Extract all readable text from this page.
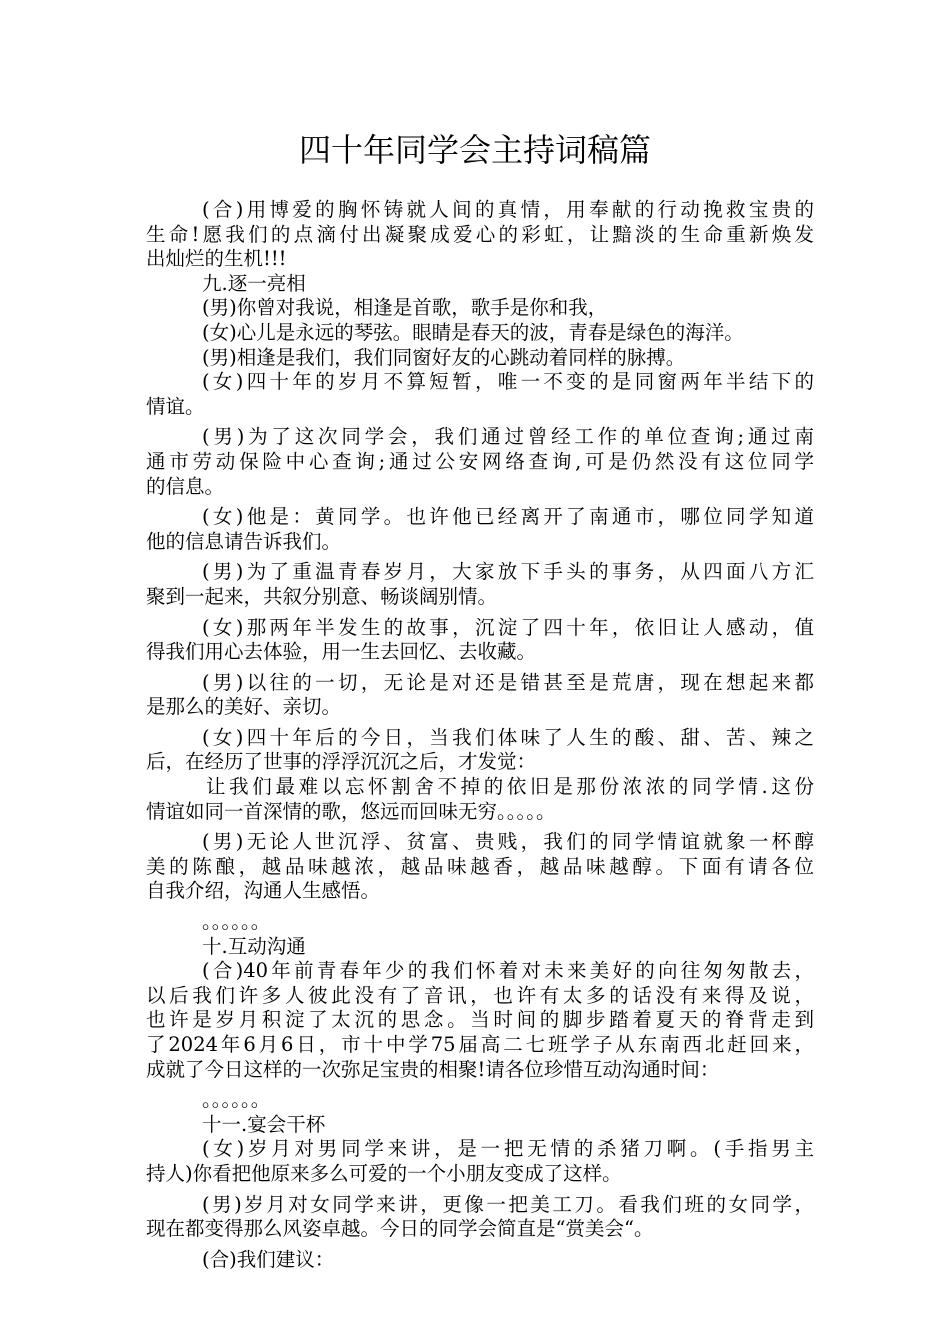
四十年同学会主持词稿篇
(合)用博爱的胸怀铸就人间的真情，用奉献的行动挽救宝贵的
生命!愿我们的点滴付出凝聚成爱心的彩虹，让黯淡的生命重新焕发
出灿烂的生机!!!
九.逐一亮相
(男)你曾对我说，相逢是首歌，歌手是你和我，
(女)心儿是永远的琴弦。眼睛是春天的波，青春是绿色的海洋。
(男)相逢是我们，我们同窗好友的心跳动着同样的脉搏。
(女)四十年的岁月不算短暂，唯一不变的是同窗两年半结下的
情谊。
(男)为了这次同学会，我们通过曾经工作的单位查询;通过南
通市劳动保险中心查询;通过公安网络查询,可是仍然没有这位同学
的信息。
(女)他是：黄同学。也许他已经离开了南通市，哪位同学知道
他的信息请告诉我们。
(男)为了重温青春岁月，大家放下手头的事务，从四面八方汇
聚到一起来，共叙分别意、畅谈阔别情。
(女)那两年半发生的故事，沉淀了四十年，依旧让人感动，值
得我们用心去体验，用一生去回忆、去收藏。
(男)以往的一切，无论是对还是错甚至是荒唐，现在想起来都
是那么的美好、亲切。
(女)四十年后的今日，当我们体味了人生的酸、甜、苦、辣之
后，在经历了世事的浮浮沉沉之后，才发觉：
让我们最难以忘怀割舍不掉的依旧是那份浓浓的同学情.这份
情谊如同一首深情的歌，悠远而回味无穷。。。。。
(男)无论人世沉浮、贫富、贵贱，我们的同学情谊就象一杯醇
美的陈酿，越品味越浓，越品味越香，越品味越醇。下面有请各位
自我介绍，沟通人生感悟。
。。。。。。
十.互动沟通
(合)40年前青春年少的我们怀着对未来美好的向往匆匆散去，
以后我们许多人彼此没有了音讯，也许有太多的话没有来得及说，
也许是岁月积淀了太沉的思念。当时间的脚步踏着夏天的脊背走到
了2024年6月6日，市十中学75届高二七班学子从东南西北赶回来，
成就了今日这样的一次弥足宝贵的相聚!请各位珍惜互动沟通时间：
。。。。。。
十一.宴会干杯
(女)岁月对男同学来讲，是一把无情的杀猪刀啊。(手指男主
持人)你看把他原来多么可爱的一个小朋友变成了这样。
(男)岁月对女同学来讲，更像一把美工刀。看我们班的女同学，
现在都变得那么风姿卓越。今日的同学会简直是“赏美会“。
(合)我们建议：
